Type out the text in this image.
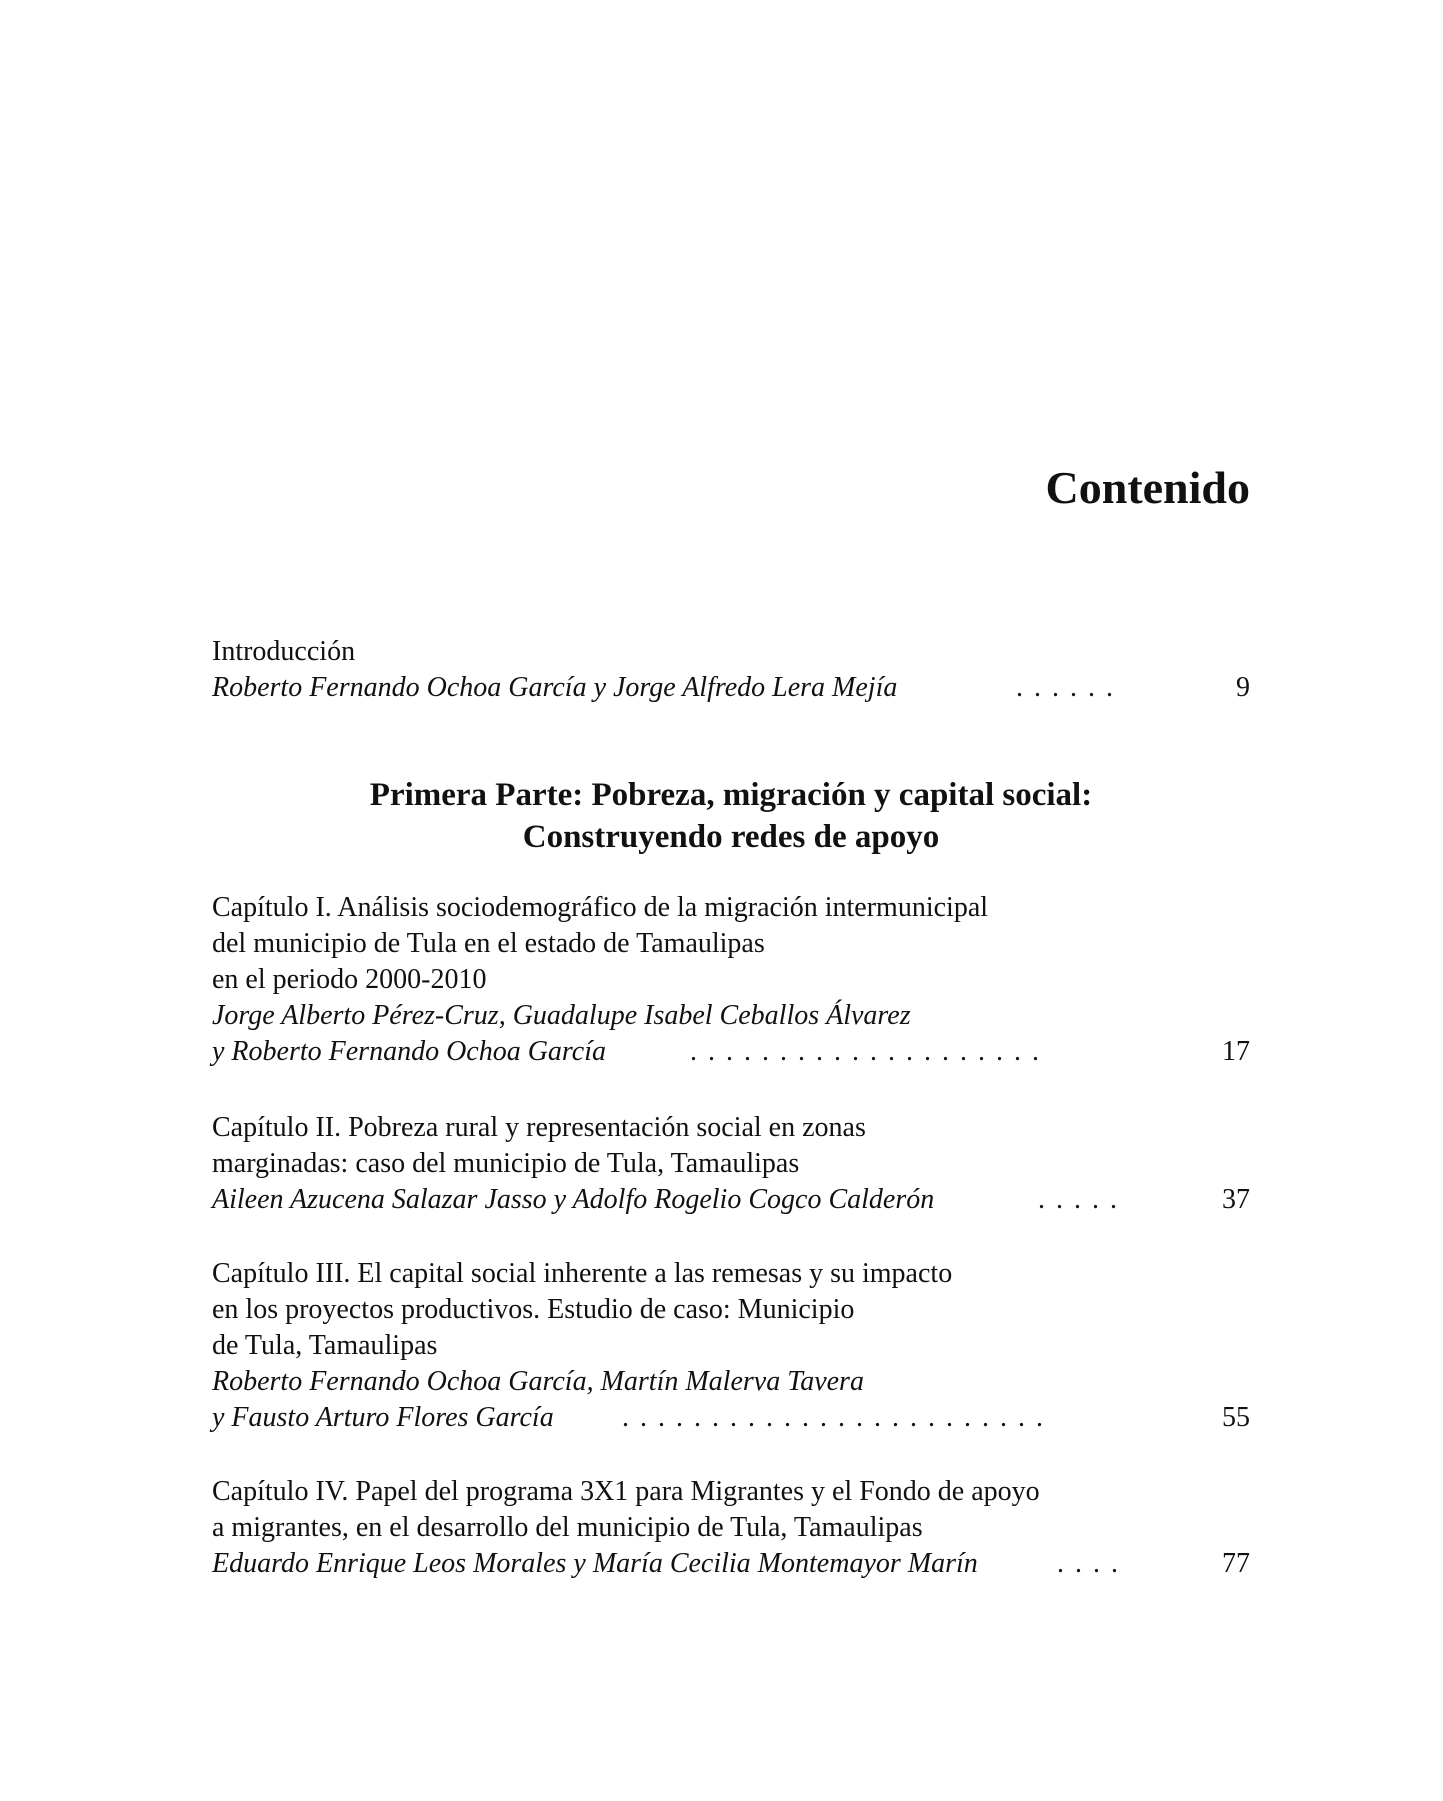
Contenido
Introducción
Roberto Fernando Ochoa García y Jorge Alfredo Lera Mejía	......	9
Primera Parte: Pobreza, migración y capital social:
Construyendo redes de apoyo
Capítulo I. Análisis sociodemográfico de la migración intermunicipal
del municipio de Tula en el estado de Tamaulipas
en el periodo 2000-2010
Jorge Alberto Pérez-Cruz, Guadalupe Isabel Ceballos Álvarez
y Roberto Fernando Ochoa García	....................	17
Capítulo II. Pobreza rural y representación social en zonas
marginadas: caso del municipio de Tula, Tamaulipas
Aileen Azucena Salazar Jasso y Adolfo Rogelio Cogco Calderón	.....	37
Capítulo III. El capital social inherente a las remesas y su impacto
en los proyectos productivos. Estudio de caso: Municipio
de Tula, Tamaulipas
Roberto Fernando Ochoa García, Martín Malerva Tavera
y Fausto Arturo Flores García ........................	55
Capítulo IV. Papel del programa 3X1 para Migrantes y el Fondo de apoyo
a migrantes, en el desarrollo del municipio de Tula, Tamaulipas
Eduardo Enrique Leos Morales y María Cecilia Montemayor Marín	....	77
